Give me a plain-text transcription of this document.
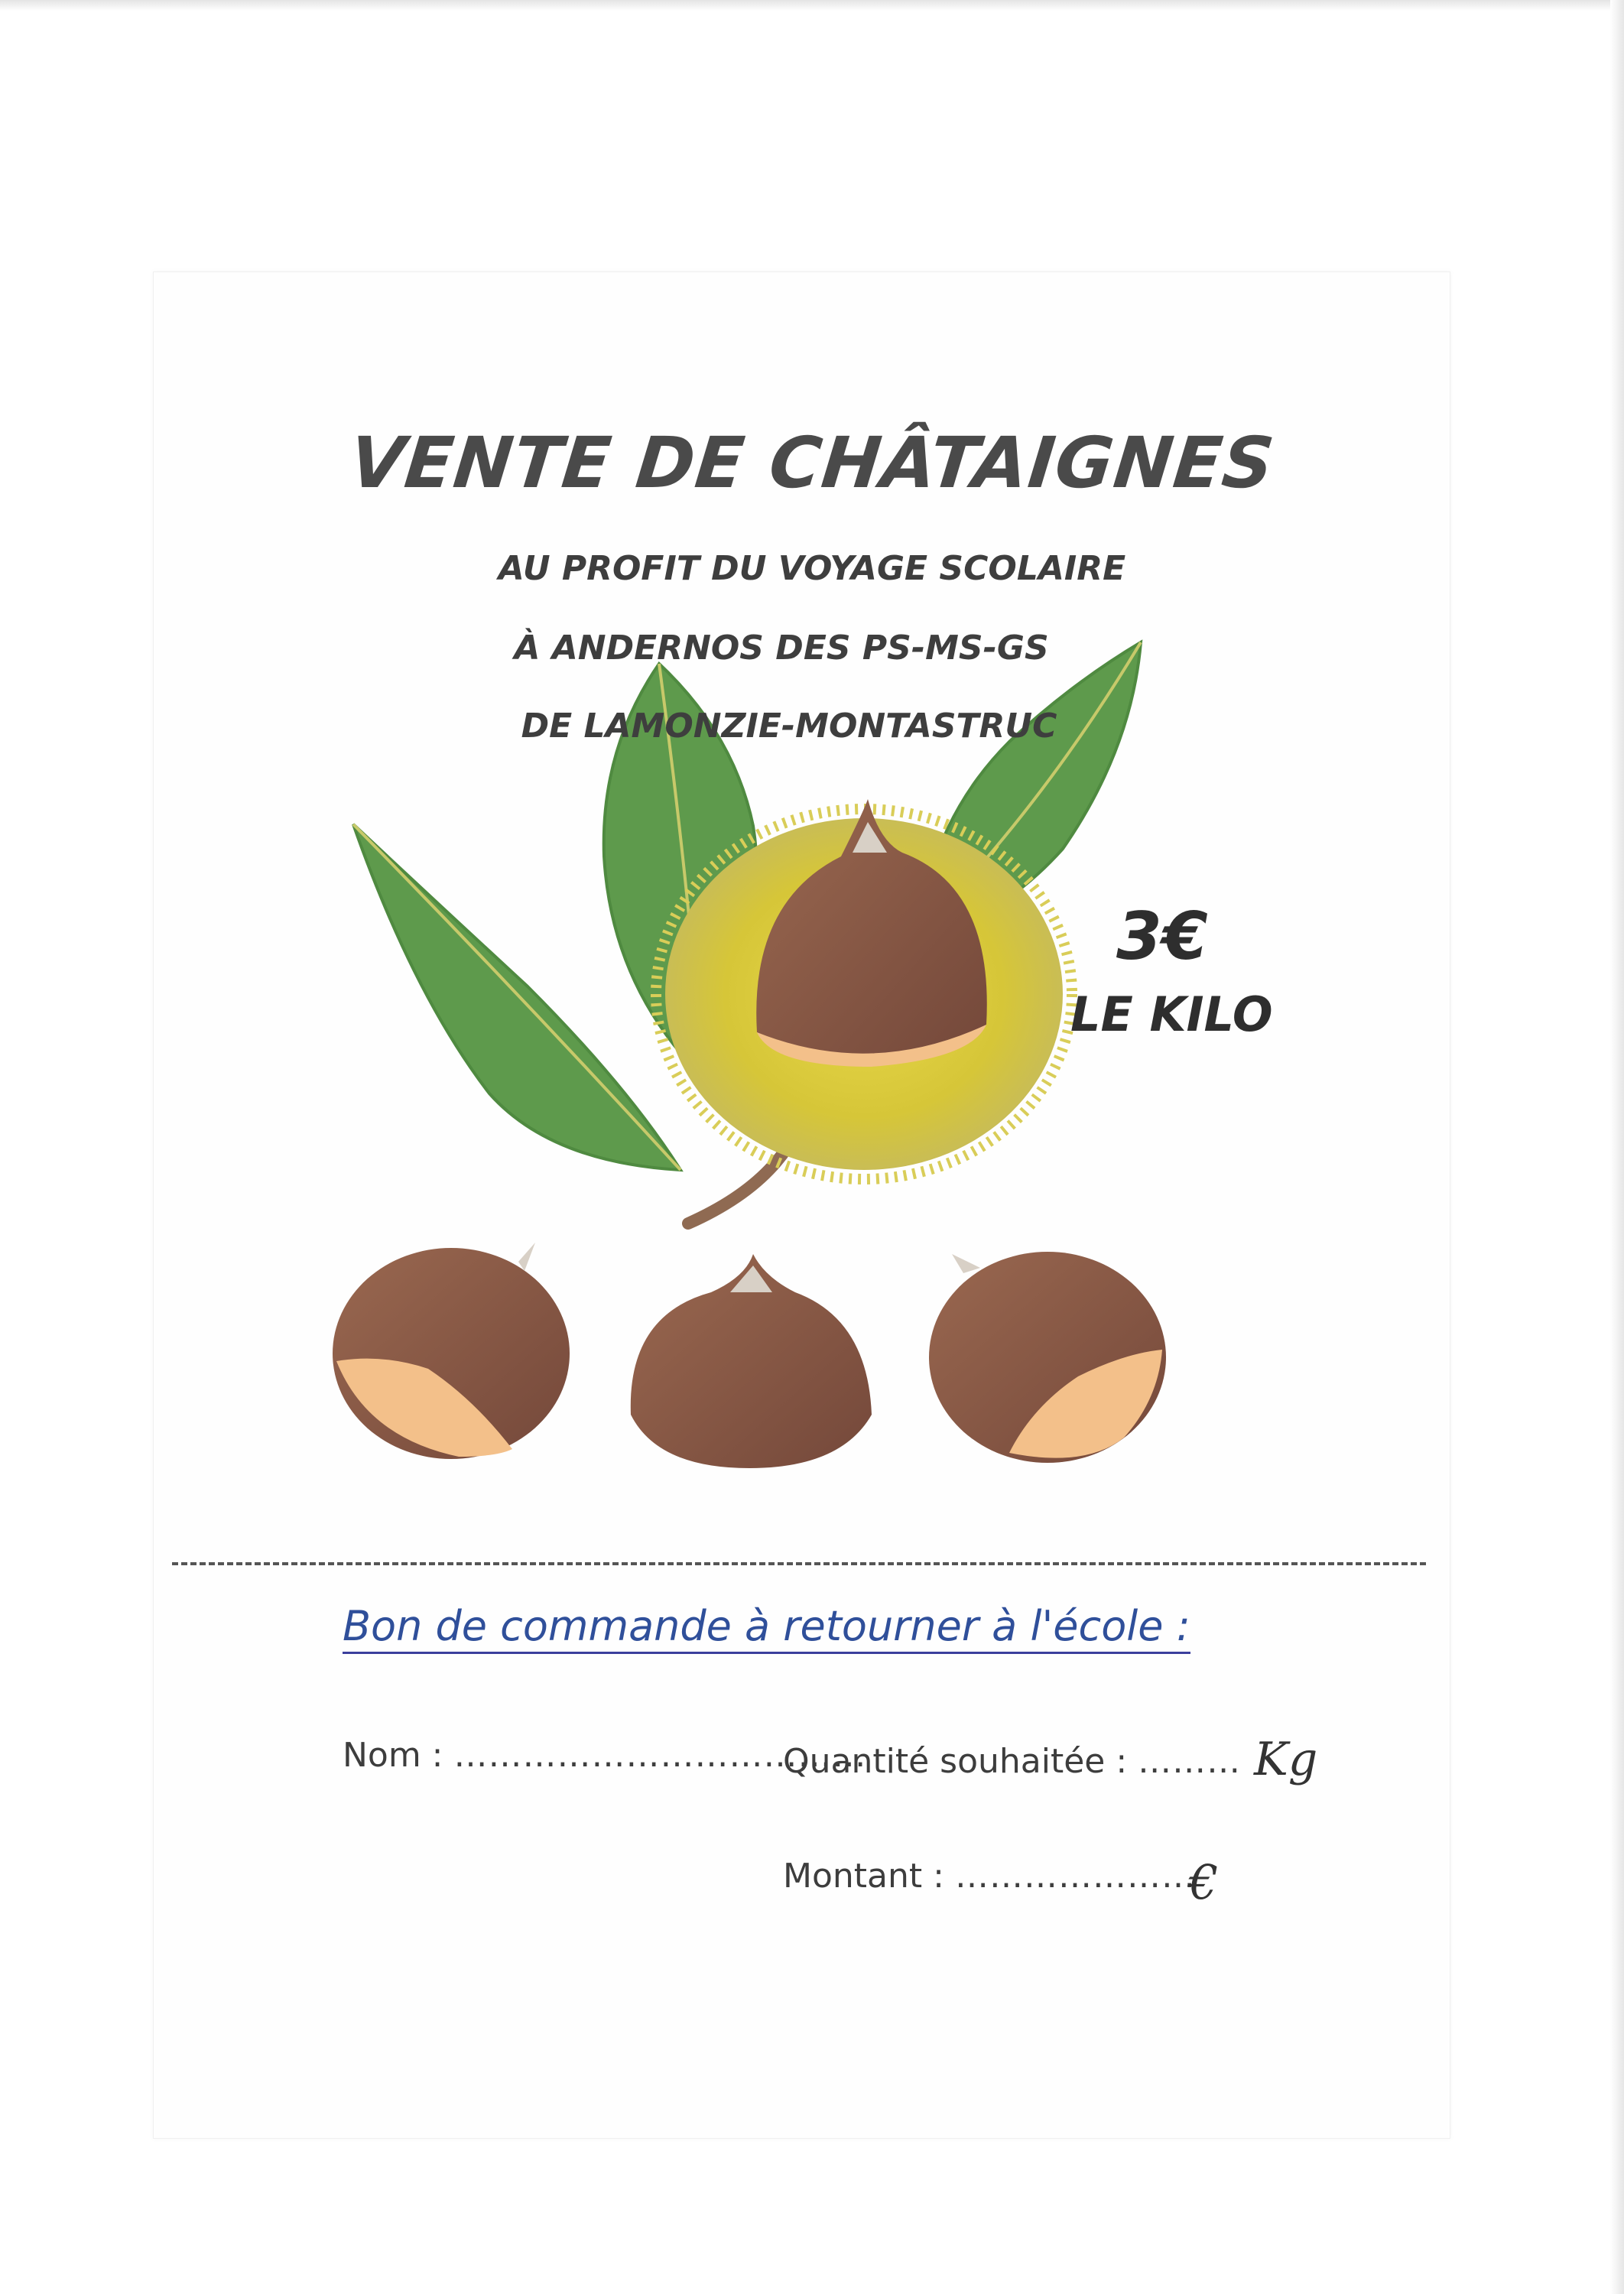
VENTE DE CHÂTAIGNES
AU PROFIT DU VOYAGE SCOLAIRE
À ANDERNOS DES PS-MS-GS
DE LAMONZIE-MONTASTRUC
3€
LE KILO
Bon de commande à retourner à l'école :
Nom : ………………………………
Quantité souhaitée : ……… Kg
Montant : …………………
€
